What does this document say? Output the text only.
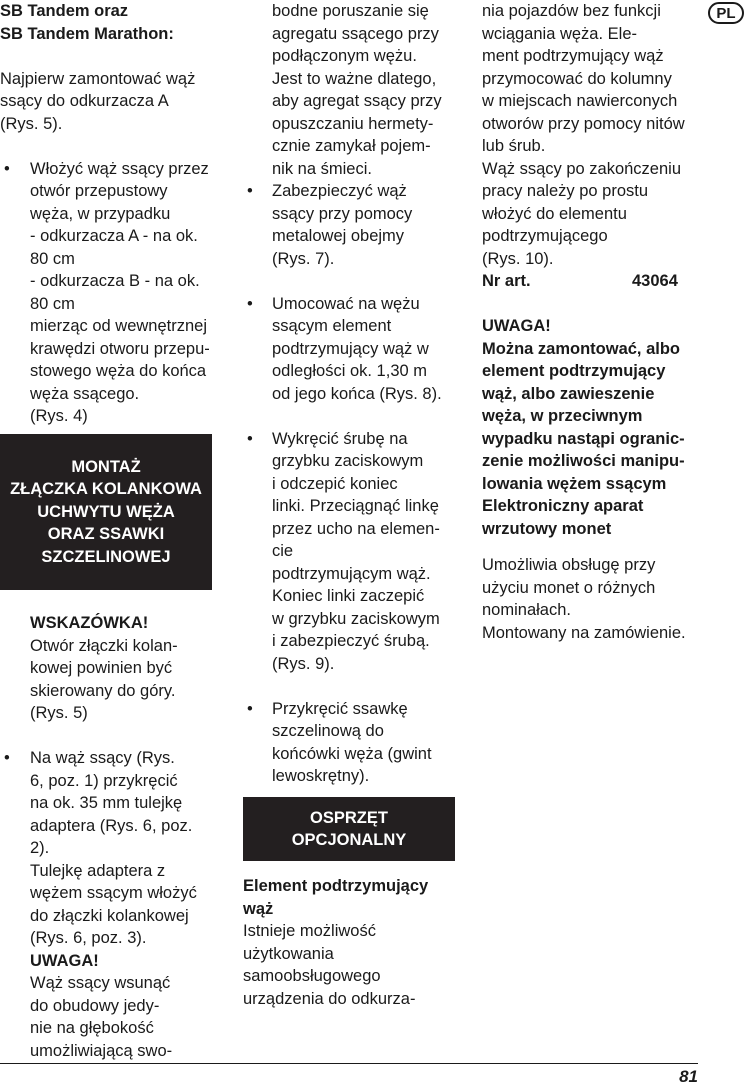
PL

SB Tandem oraz
SB Tandem Marathon:

Najpierw zamontować wąż
ssący do odkurzacza A
(Rys. 5).

• Włożyć wąż ssący przez
otwór przepustowy
węża, w przypadku
- odkurzacza A - na ok.
80 cm
- odkurzacza B - na ok.
80 cm
mierząc od wewnętrznej
krawędzi otworu przepu-
stowego węża do końca
węża ssącego.
(Rys. 4)

MONTAŻ
ZŁĄCZKA KOLANKOWA
UCHWYTU WĘŻA
ORAZ SSAWKI
SZCZELINOWEJ

WSKAZÓWKA!

Otwór złączki kolan-
kowej powinien być
skierowany do góry.
(Rys. 5)

• Na wąż ssący (Rys.
6, poz. 1) przykręcić
na ok. 35 mm tulejkę
adaptera (Rys. 6, poz.
2).
Tulejkę adaptera z
wężem ssącym włożyć
do złączki kolankowej
(Rys. 6, poz. 3).

UWAGA!

Wąż ssący wsunąć
do obudowy jedy-
nie na głębokość
umożliwiającą swo-

bodne poruszanie się
agregatu ssącego przy
podłączonym wężu.
Jest to ważne dlatego,
aby agregat ssący przy
opuszczaniu hermety-
cznie zamykał pojem-
nik na śmieci.

• Zabezpieczyć wąż
ssący przy pomocy
metalowej obejmy
(Rys. 7).

• Umocować na wężu
ssącym element
podtrzymujący wąż w
odległości ok. 1,30 m
od jego końca (Rys. 8).

• Wykręcić śrubę na
grzybku zaciskowym
i odczepić koniec
linki. Przeciągnąć linkę
przez ucho na elemen-
cie
podtrzymującym wąż.
Koniec linki zaczepić
w grzybku zaciskowym
i zabezpieczyć śrubą.
(Rys. 9).

• Przykręcić ssawkę
szczelinową do
końcówki węża (gwint
lewoskrętny).

OSPRZĘT
OPCJONALNY

Element podtrzymujący
wąż

Istnieje możliwość
użytkowania
samoobsługowego
urządzenia do odkurza-

nia pojazdów bez funkcji
wciągania węża. Ele-
ment podtrzymujący wąż
przymocować do kolumny
w miejscach nawierconych
otworów przy pomocy nitów
lub śrub.
Wąż ssący po zakończeniu
pracy należy po prostu
włożyć do elementu
podtrzymującego
(Rys. 10).

Nr art.	43064

UWAGA!

Można zamontować, albo
element podtrzymujący
wąż, albo zawieszenie
węża, w przeciwnym
wypadku nastąpi ogranic-
zenie możliwości manipu-
lowania wężem ssącym

Elektroniczny aparat
wrzutowy monet

Umożliwia obsługę przy
użyciu monet o różnych
nominałach.
Montowany na zamówienie.

81
